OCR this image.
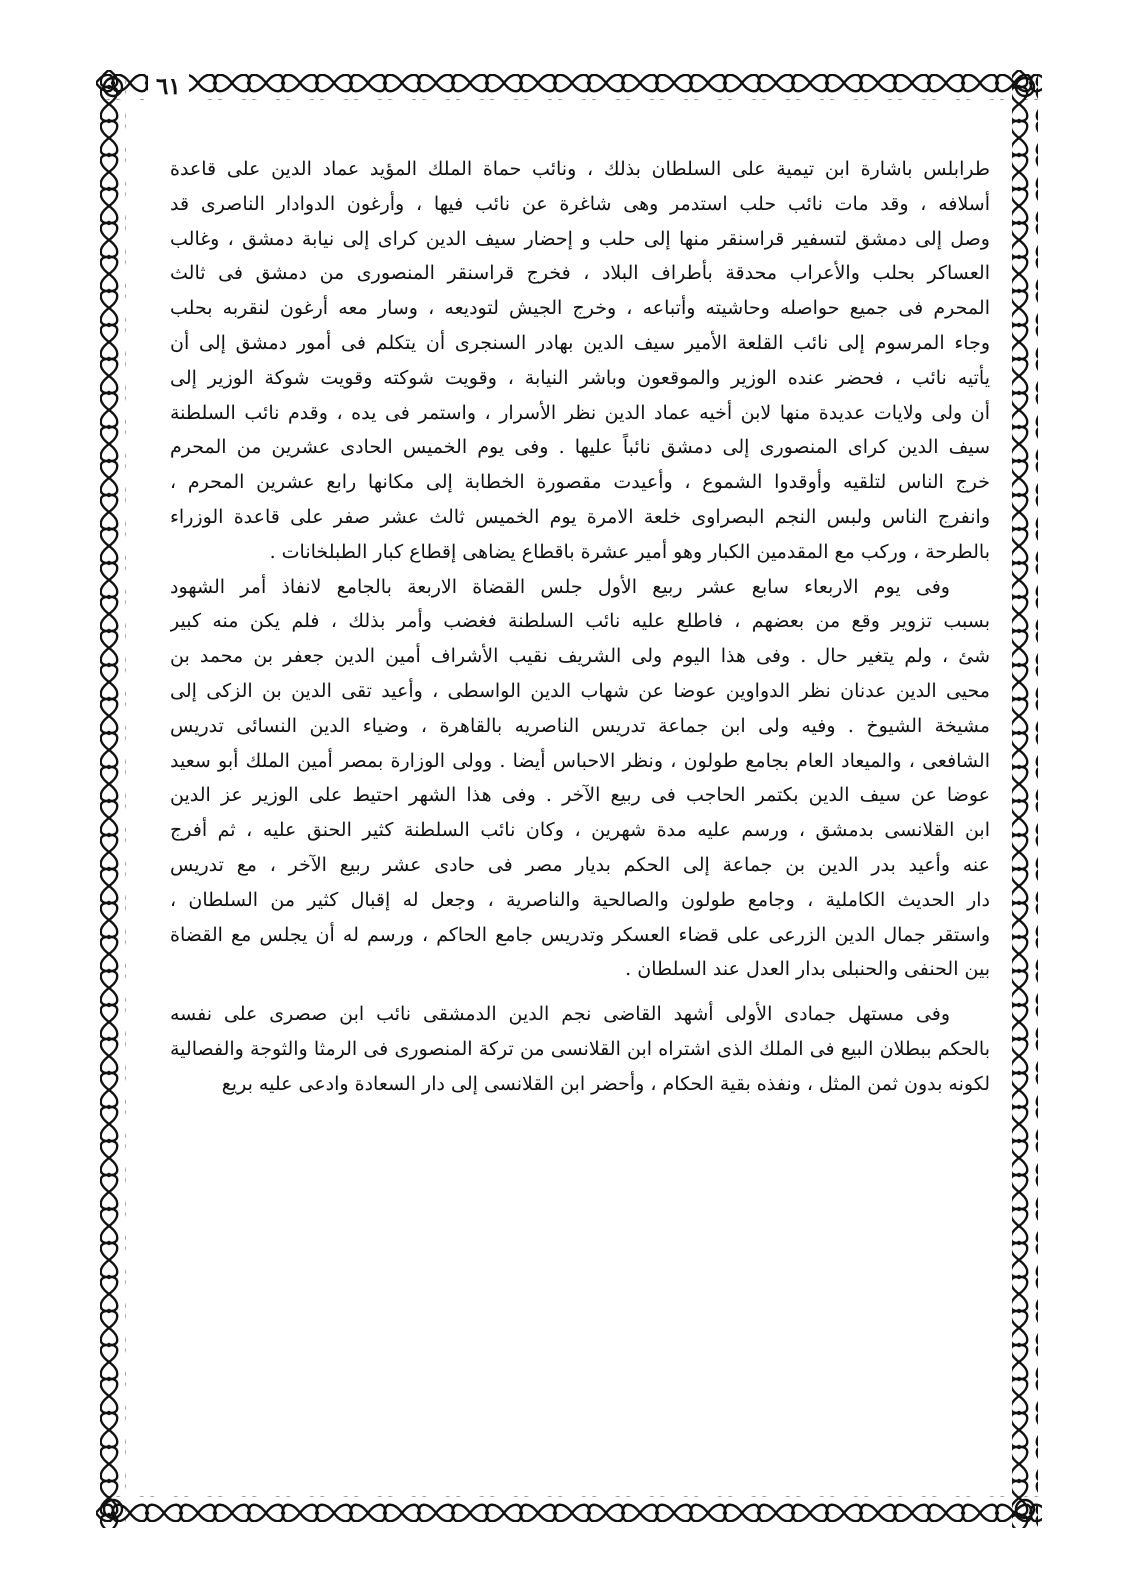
٦١
طرابلس باشارة ابن تيمية على السلطان بذلك ، ونائب حماة الملك المؤيد عماد الدين على قاعدة
أسلافه ، وقد مات نائب حلب استدمر وهى شاغرة عن نائب فيها ، وأرغون الدوادار الناصرى قد
وصل إلى دمشق لتسفير قراسنقر منها إلى حلب و إحضار سيف الدين كراى إلى نيابة دمشق ، وغالب
العساكر بحلب والأعراب محدقة بأطراف البلاد ، فخرج قراسنقر المنصورى من دمشق فى ثالث
المحرم فى جميع حواصله وحاشيته وأتباعه ، وخرج الجيش لتوديعه ، وسار معه أرغون لنقربه بحلب
وجاء المرسوم إلى نائب القلعة الأمير سيف الدين بهادر السنجرى أن يتكلم فى أمور دمشق إلى أن
يأتيه نائب ، فحضر عنده الوزير والموقعون وباشر النيابة ، وقويت شوكته وقويت شوكة الوزير إلى
أن ولى ولايات عديدة منها لابن أخيه عماد الدين نظر الأسرار ، واستمر فى يده ، وقدم نائب السلطنة
سيف الدين كراى المنصورى إلى دمشق نائباً عليها . وفى يوم الخميس الحادى عشرين من المحرم
خرج الناس لتلقيه وأوقدوا الشموع ، وأعيدت مقصورة الخطابة إلى مكانها رابع عشرين المحرم ،
وانفرج الناس ولبس النجم البصراوى خلعة الامرة يوم الخميس ثالث عشر صفر على قاعدة الوزراء
بالطرحة ، وركب مع المقدمين الكبار وهو أمير عشرة باقطاع يضاهى إقطاع كبار الطبلخانات .
وفى يوم الاربعاء سابع عشر ربيع الأول جلس القضاة الاربعة بالجامع لانفاذ أمر الشهود
بسبب تزوير وقع من بعضهم ، فاطلع عليه نائب السلطنة فغضب وأمر بذلك ، فلم يكن منه كبير
شئ ، ولم يتغير حال . وفى هذا اليوم ولى الشريف نقيب الأشراف أمين الدين جعفر بن محمد بن
محيى الدين عدنان نظر الدواوين عوضا عن شهاب الدين الواسطى ، وأعيد تقى الدين بن الزكى إلى
مشيخة الشيوخ . وفيه ولى ابن جماعة تدريس الناصريه بالقاهرة ، وضياء الدين النسائى تدريس
الشافعى ، والميعاد العام بجامع طولون ، ونظر الاحباس أيضا . وولى الوزارة بمصر أمين الملك أبو سعيد
عوضا عن سيف الدين بكتمر الحاجب فى ربيع الآخر . وفى هذا الشهر احتيط على الوزير عز الدين
ابن القلانسى بدمشق ، ورسم عليه مدة شهرين ، وكان نائب السلطنة كثير الحنق عليه ، ثم أفرج
عنه وأعيد بدر الدين بن جماعة إلى الحكم بديار مصر فى حادى عشر ربيع الآخر ، مع تدريس
دار الحديث الكاملية ، وجامع طولون والصالحية والناصرية ، وجعل له إقبال كثير من السلطان ،
واستقر جمال الدين الزرعى على قضاء العسكر وتدريس جامع الحاكم ، ورسم له أن يجلس مع القضاة
بين الحنفى والحنبلى بدار العدل عند السلطان .
وفى مستهل جمادى الأولى أشهد القاضى نجم الدين الدمشقى نائب ابن صصرى على نفسه
بالحكم ببطلان البيع فى الملك الذى اشتراه ابن القلانسى من تركة المنصورى فى الرمثا والثوجة والفصالية
لكونه بدون ثمن المثل ، ونفذه بقية الحكام ، وأحضر ابن القلانسى إلى دار السعادة وادعى عليه بريع
